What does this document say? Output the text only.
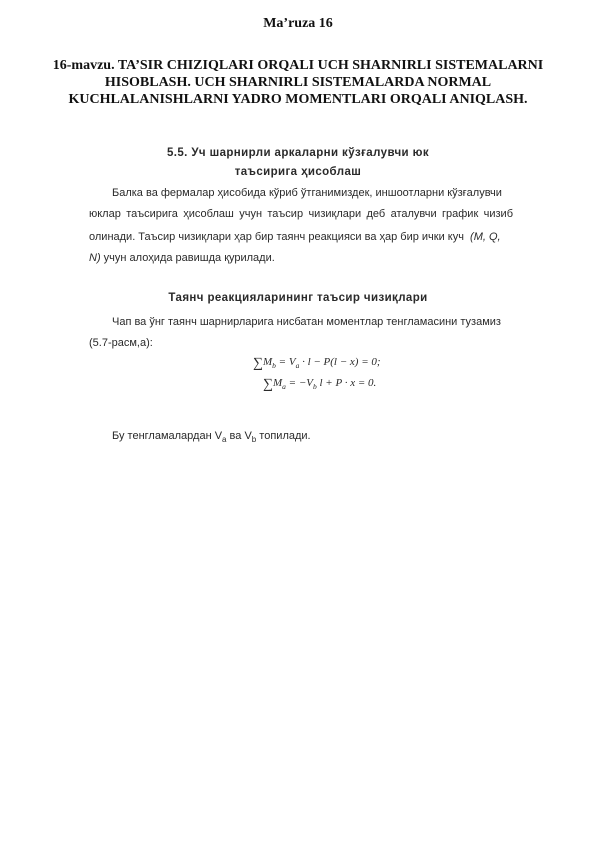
Ma’ruza 16
16-mavzu. TA’SIR CHIZIQLARI ORQALI UCH SHARNIRLI SISTEMALARNI HISOBLASH. UCH SHARNIRLI SISTEMALARDA NORMAL KUCHLALANISHLARNI YADRO MOMENTLARI ORQALI ANIQLASH.
5.5. Уч шарнирли аркаларни кўзғалувчи юк
таъсирига ҳисоблаш
Балка ва фермалар ҳисобида кўриб ўтганимиздек, иншоотларни кўзғалувчи
юклар таъсирига ҳисоблаш учун таъсир чизиқлари деб аталувчи график чизиб
олинади. Таъсир чизиқлари ҳар бир таянч реакцияси ва ҳар бир ички куч (M, Q,
N) учун алоҳида равишда қурилади.
Таянч реакцияларининг таъсир чизиқлари
Чап ва ўнг таянч шарнирларига нисбатан моментлар тенгламасини тузамиз
(5.7-расм,а):
$\sum M_b = V_a \cdot l - P(l - x) = 0$;
$\sum M_a = -V_b$ l + P · x = 0.
Бу тенгламалардан $V_a$ ва $V_b$ топилади.
